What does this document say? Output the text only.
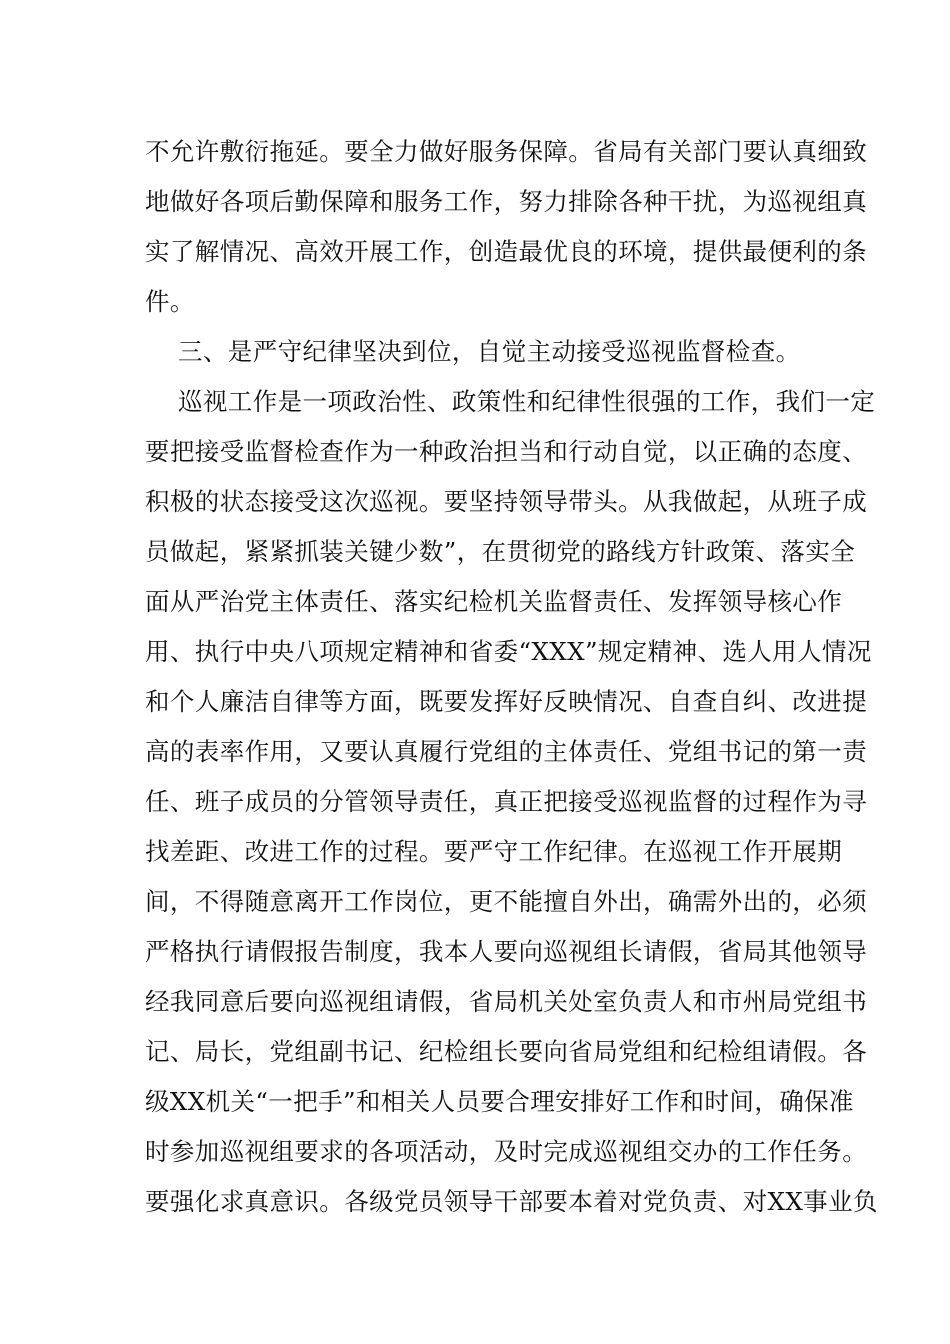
不允许敷衍拖延。要全力做好服务保障。省局有关部门要认真细致
地做好各项后勤保障和服务工作，努力排除各种干扰，为巡视组真
实了解情况、高效开展工作，创造最优良的环境，提供最便利的条
件。
三、是严守纪律坚决到位，自觉主动接受巡视监督检查。
巡视工作是一项政治性、政策性和纪律性很强的工作，我们一定
要把接受监督检查作为一种政治担当和行动自觉，以正确的态度、
积极的状态接受这次巡视。要坚持领导带头。从我做起，从班子成
员做起，紧紧抓装关键少数”，在贯彻党的路线方针政策、落实全
面从严治党主体责任、落实纪检机关监督责任、发挥领导核心作
用、执行中央八项规定精神和省委“XXX”规定精神、选人用人情况
和个人廉洁自律等方面，既要发挥好反映情况、自查自纠、改进提
高的表率作用，又要认真履行党组的主体责任、党组书记的第一责
任、班子成员的分管领导责任，真正把接受巡视监督的过程作为寻
找差距、改进工作的过程。要严守工作纪律。在巡视工作开展期
间，不得随意离开工作岗位，更不能擅自外出，确需外出的，必须
严格执行请假报告制度，我本人要向巡视组长请假，省局其他领导
经我同意后要向巡视组请假，省局机关处室负责人和市州局党组书
记、局长，党组副书记、纪检组长要向省局党组和纪检组请假。各
级XX机关“一把手”和相关人员要合理安排好工作和时间，确保准
时参加巡视组要求的各项活动，及时完成巡视组交办的工作任务。
要强化求真意识。各级党员领导干部要本着对党负责、对XX事业负
